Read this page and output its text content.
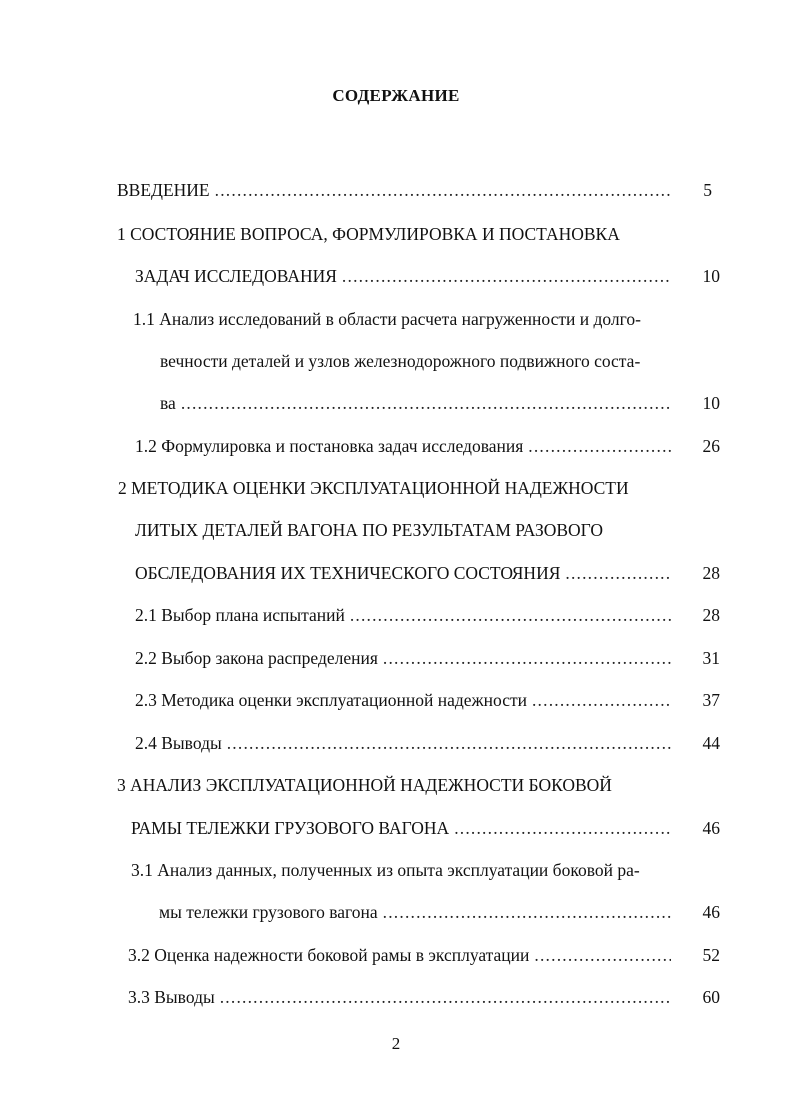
СОДЕРЖАНИЕ
ВВЕДЕНИЕ .....	5
1 СОСТОЯНИЕ ВОПРОСА, ФОРМУЛИРОВКА И ПОСТАНОВКА
ЗАДАЧ ИССЛЕДОВАНИЯ .....	10
1.1 Анализ исследований в области расчета нагруженности и долго-
вечности деталей и узлов железнодорожного подвижного соста-
ва .....	10
1.2 Формулировка и постановка задач исследования .....	26
2 МЕТОДИКА ОЦЕНКИ ЭКСПЛУАТАЦИОННОЙ НАДЕЖНОСТИ
ЛИТЫХ ДЕТАЛЕЙ ВАГОНА ПО РЕЗУЛЬТАТАМ РАЗОВОГО
ОБСЛЕДОВАНИЯ ИХ ТЕХНИЧЕСКОГО СОСТОЯНИЯ .....	28
2.1 Выбор плана испытаний .....	28
2.2 Выбор закона распределения .....	31
2.3 Методика оценки эксплуатационной надежности .....	37
2.4 Выводы .....	44
3 АНАЛИЗ ЭКСПЛУАТАЦИОННОЙ НАДЕЖНОСТИ БОКОВОЙ
РАМЫ ТЕЛЕЖКИ ГРУЗОВОГО ВАГОНА .....	46
3.1 Анализ данных, полученных из опыта эксплуатации боковой ра-
мы тележки грузового вагона .....	46
3.2 Оценка надежности боковой рамы в эксплуатации .....	52
3.3 Выводы .....	60
2
